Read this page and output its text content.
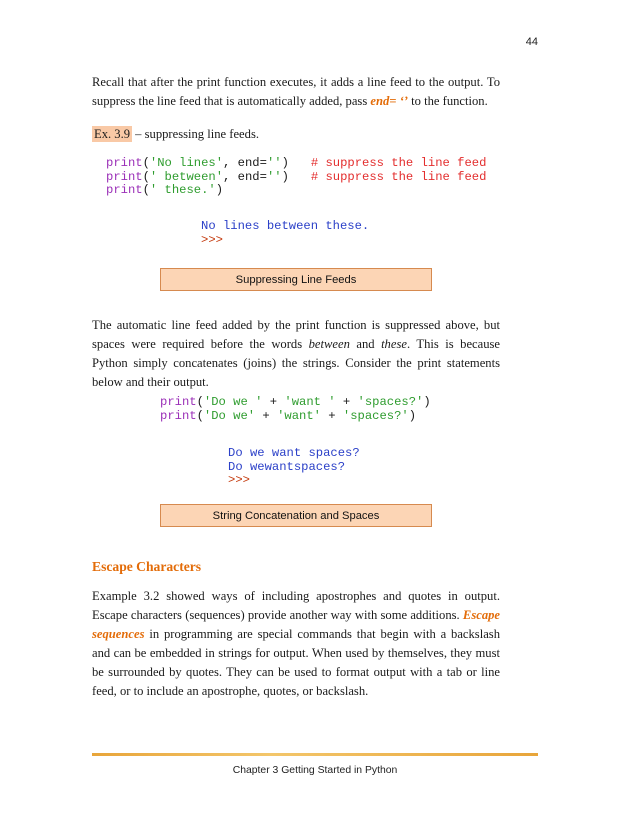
44
Recall that after the print function executes, it adds a line feed to the output. To suppress the line feed that is automatically added, pass end= ‘’ to the function.
Ex. 3.9 – suppressing line feeds.
print('No lines', end='') # suppress the line feed
print(' between', end='') # suppress the line feed
print(' these.')
No lines between these.
>>>
Suppressing Line Feeds
The automatic line feed added by the print function is suppressed above, but spaces were required before the words between and these. This is because Python simply concatenates (joins) the strings. Consider the print statements below and their output.
print('Do we ' + 'want ' + 'spaces?')
print('Do we' + 'want' + 'spaces?')
Do we want spaces?
Do wewantspaces?
>>>
String Concatenation and Spaces
Escape Characters
Example 3.2 showed ways of including apostrophes and quotes in output. Escape characters (sequences) provide another way with some additions. Escape sequences in programming are special commands that begin with a backslash and can be embedded in strings for output. When used by themselves, they must be surrounded by quotes. They can be used to format output with a tab or line feed, or to include an apostrophe, quotes, or backslash.
Chapter 3 Getting Started in Python
